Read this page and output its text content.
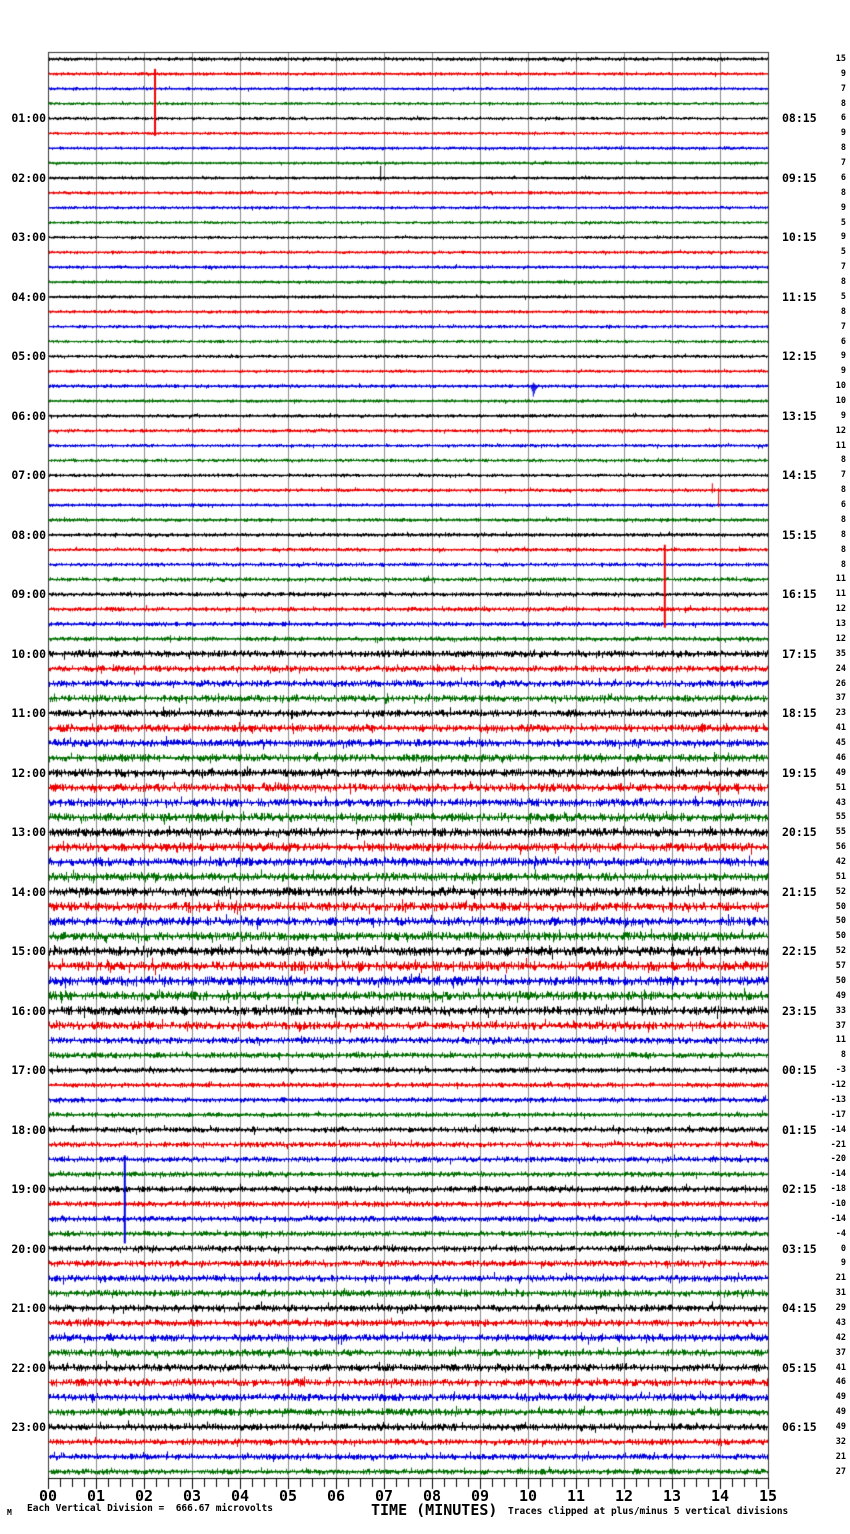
01:00
02:00
03:00
04:00
05:00
06:00
07:00
08:00
09:00
10:00
11:00
12:00
13:00
14:00
15:00
16:00
17:00
18:00
19:00
20:00
21:00
22:00
23:00
08:15
09:15
10:15
11:15
12:15
13:15
14:15
15:15
16:15
17:15
18:15
19:15
20:15
21:15
22:15
23:15
00:15
01:15
02:15
03:15
04:15
05:15
06:15
15
9
7
8
6
9
8
7
6
8
9
5
9
5
7
8
5
8
7
6
9
9
10
10
9
12
11
8
7
8
6
8
8
8
8
11
11
12
13
12
35
24
26
37
23
41
45
46
49
51
43
55
55
56
42
51
52
50
50
50
52
57
50
49
33
37
11
8
-3
-12
-13
-17
-14
-21
-20
-14
-18
-10
-14
-4
0
9
21
31
29
43
42
37
41
46
49
49
49
32
21
27
00 01 02 03 04 05 06 07 08 09 10 11 12 13 14 15
M Each Vertical Division =  666.67 microvolts	TIME (MINUTES) Traces clipped at plus/minus 5 vertical divisions
